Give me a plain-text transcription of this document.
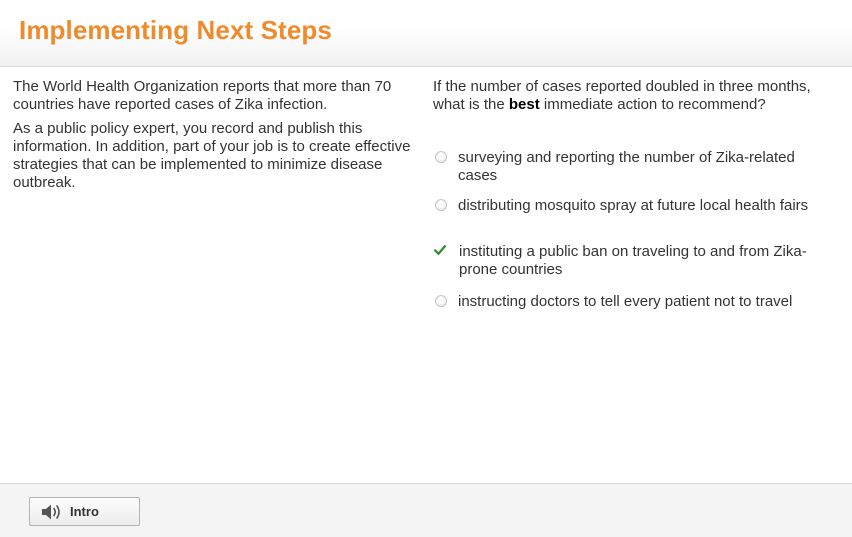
Implementing Next Steps

The World Health Organization reports that more than 70 countries have reported cases of Zika infection.

As a public policy expert, you record and publish this information. In addition, part of your job is to create effective strategies that can be implemented to minimize disease outbreak.

If the number of cases reported doubled in three months, what is the best immediate action to recommend?

surveying and reporting the number of Zika-related cases
distributing mosquito spray at future local health fairs
instituting a public ban on traveling to and from Zika-prone countries
instructing doctors to tell every patient not to travel
Intro
